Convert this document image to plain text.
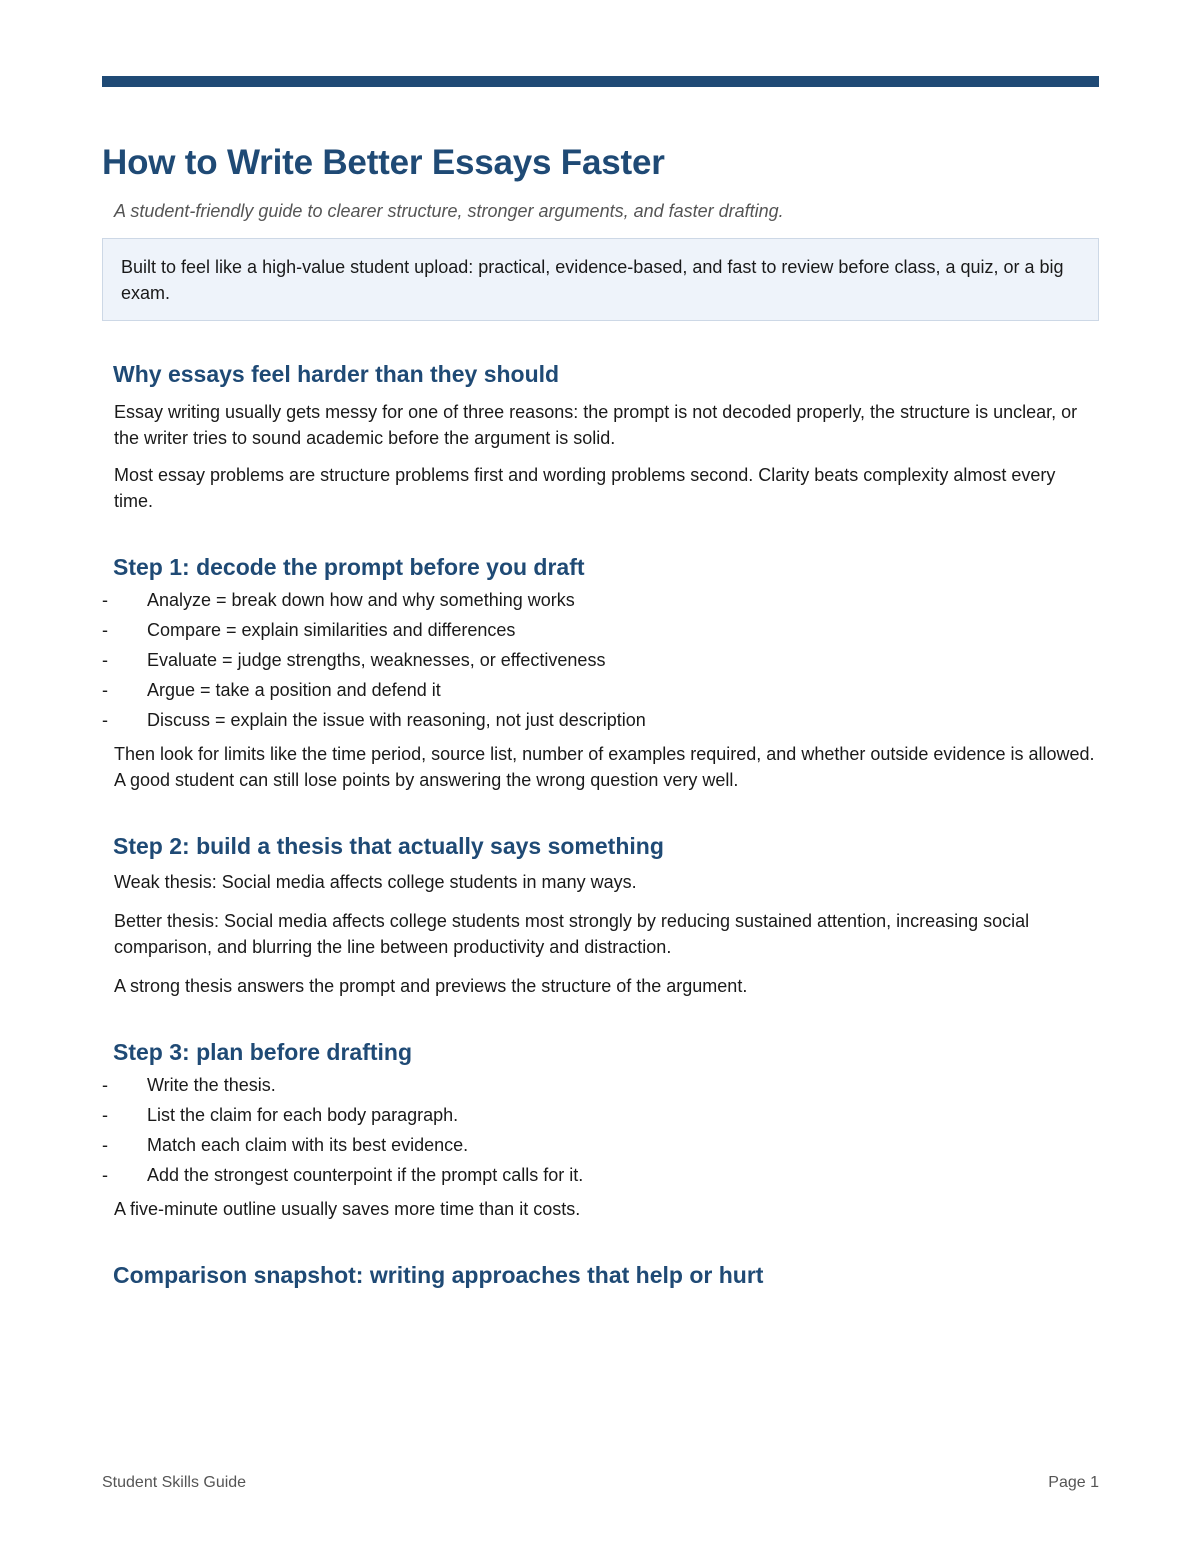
How to Write Better Essays Faster
A student-friendly guide to clearer structure, stronger arguments, and faster drafting.
Built to feel like a high-value student upload: practical, evidence-based, and fast to review before class, a quiz, or a big exam.
Why essays feel harder than they should

Essay writing usually gets messy for one of three reasons: the prompt is not decoded properly, the structure is unclear, or the writer tries to sound academic before the argument is solid.

Most essay problems are structure problems first and wording problems second. Clarity beats complexity almost every time.

Step 1: decode the prompt before you draft
-	Analyze = break down how and why something works
-	Compare = explain similarities and differences
-	Evaluate = judge strengths, weaknesses, or effectiveness
-	Argue = take a position and defend it
-	Discuss = explain the issue with reasoning, not just description

Then look for limits like the time period, source list, number of examples required, and whether outside evidence is allowed. A good student can still lose points by answering the wrong question very well.

Step 2: build a thesis that actually says something

Weak thesis: Social media affects college students in many ways.

Better thesis: Social media affects college students most strongly by reducing sustained attention, increasing social comparison, and blurring the line between productivity and distraction.

A strong thesis answers the prompt and previews the structure of the argument.

Step 3: plan before drafting
-	Write the thesis.
-	List the claim for each body paragraph.
-	Match each claim with its best evidence.
-	Add the strongest counterpoint if the prompt calls for it.

A five-minute outline usually saves more time than it costs.

Comparison snapshot: writing approaches that help or hurt
Student Skills Guide	Page 1
